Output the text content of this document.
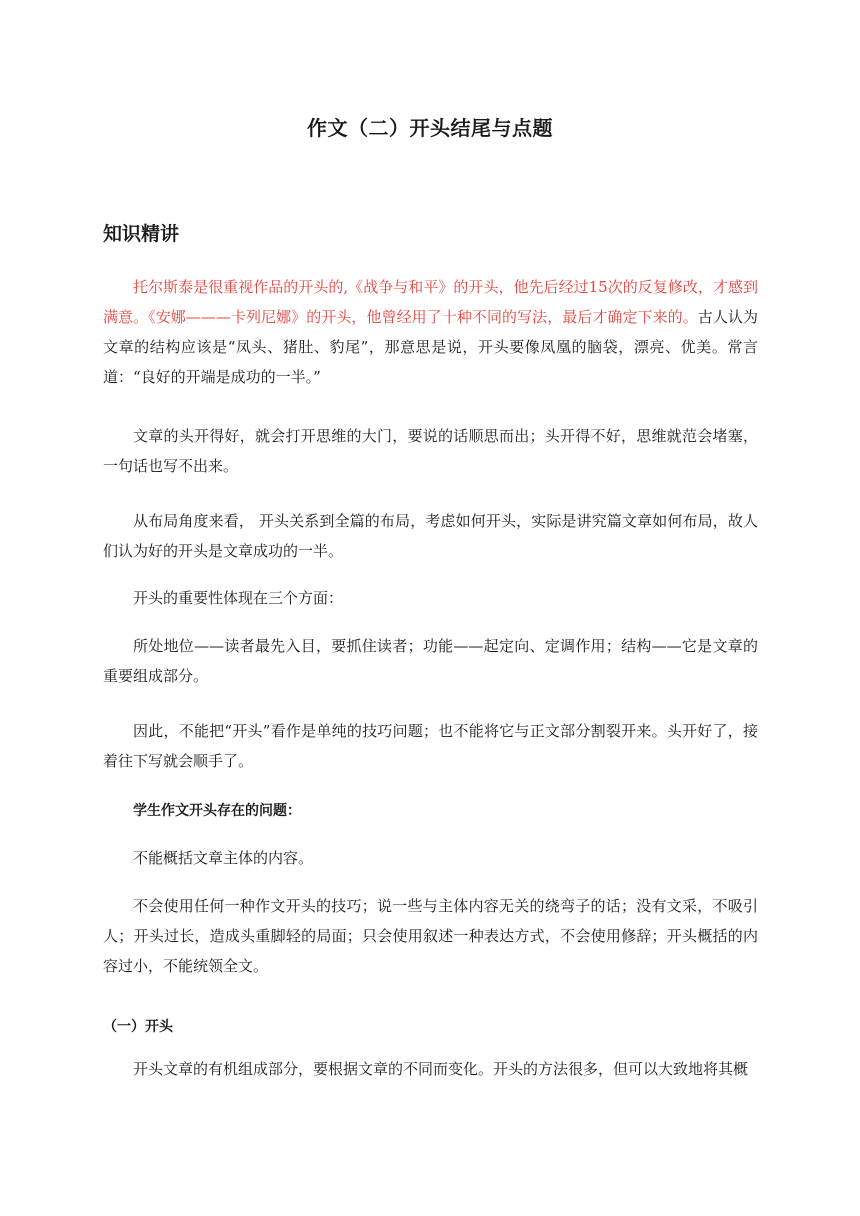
作文（二）开头结尾与点题
知识精讲

托尔斯泰是很重视作品的开头的,《战争与和平》的开头，他先后经过15次的反复修改，才感到满意。《安娜———卡列尼娜》的开头，他曾经用了十种不同的写法，最后才确定下来的。古人认为文章的结构应该是“凤头、猪肚、豹尾”，那意思是说，开头要像凤凰的脑袋，漂亮、优美。常言道：“良好的开端是成功的一半。”

文章的头开得好，就会打开思维的大门，要说的话顺思而出；头开得不好，思维就范会堵塞，一句话也写不出来。

从布局角度来看， 开头关系到全篇的布局，考虑如何开头，实际是讲究篇文章如何布局，故人们认为好的开头是文章成功的一半。

开头的重要性体现在三个方面：

所处地位——读者最先入目，要抓住读者；功能——起定向、定调作用；结构——它是文章的重要组成部分。

因此，不能把“开头”看作是单纯的技巧问题；也不能将它与正文部分割裂开来。头开好了，接着往下写就会顺手了。

学生作文开头存在的问题：

不能概括文章主体的内容。

不会使用任何一种作文开头的技巧；说一些与主体内容无关的绕弯子的话；没有文采，不吸引人；开头过长，造成头重脚轻的局面；只会使用叙述一种表达方式，不会使用修辞；开头概括的内容过小，不能统领全文。

（一）开头

开头文章的有机组成部分，要根据文章的不同而变化。开头的方法很多，但可以大致地将其概
